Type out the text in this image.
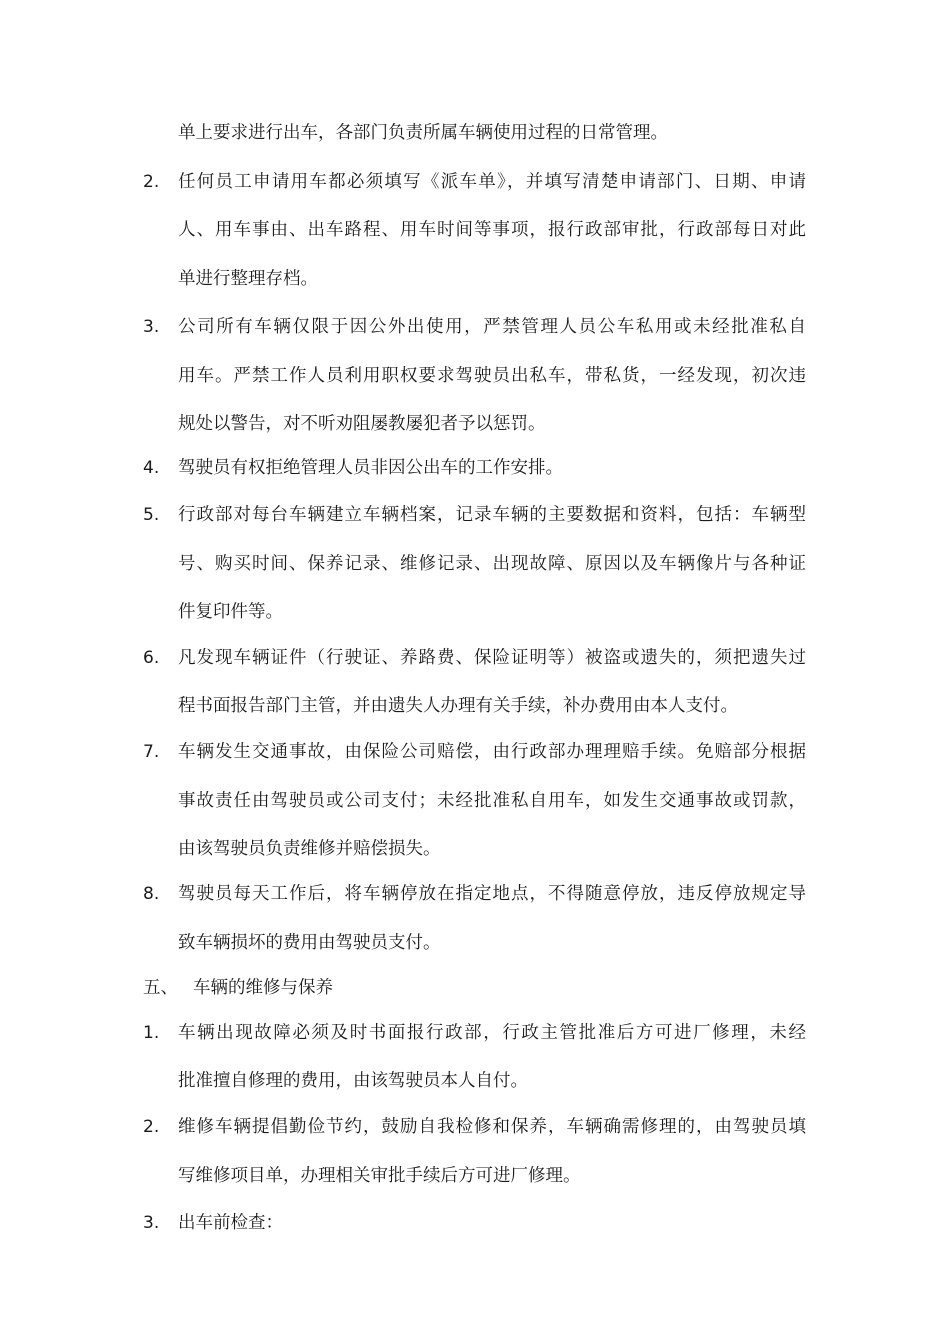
单上要求进行出车，各部门负责所属车辆使用过程的日常管理。
2. 任何员工申请用车都必须填写《派车单》，并填写清楚申请部门、日期、申请
人、用车事由、出车路程、用车时间等事项，报行政部审批，行政部每日对此
单进行整理存档。
3. 公司所有车辆仅限于因公外出使用，严禁管理人员公车私用或未经批准私自
用车。严禁工作人员利用职权要求驾驶员出私车，带私货，一经发现，初次违
规处以警告，对不听劝阻屡教屡犯者予以惩罚。
4. 驾驶员有权拒绝管理人员非因公出车的工作安排。
5. 行政部对每台车辆建立车辆档案，记录车辆的主要数据和资料，包括：车辆型
号、购买时间、保养记录、维修记录、出现故障、原因以及车辆像片与各种证
件复印件等。
6. 凡发现车辆证件（行驶证、养路费、保险证明等）被盗或遗失的，须把遗失过
程书面报告部门主管，并由遗失人办理有关手续，补办费用由本人支付。
7. 车辆发生交通事故，由保险公司赔偿，由行政部办理理赔手续。免赔部分根据
事故责任由驾驶员或公司支付；未经批准私自用车，如发生交通事故或罚款，
由该驾驶员负责维修并赔偿损失。
8. 驾驶员每天工作后，将车辆停放在指定地点，不得随意停放，违反停放规定导
致车辆损坏的费用由驾驶员支付。
五、 车辆的维修与保养
1. 车辆出现故障必须及时书面报行政部，行政主管批准后方可进厂修理，未经
批准擅自修理的费用，由该驾驶员本人自付。
2. 维修车辆提倡勤俭节约，鼓励自我检修和保养，车辆确需修理的，由驾驶员填
写维修项目单，办理相关审批手续后方可进厂修理。
3. 出车前检查：
